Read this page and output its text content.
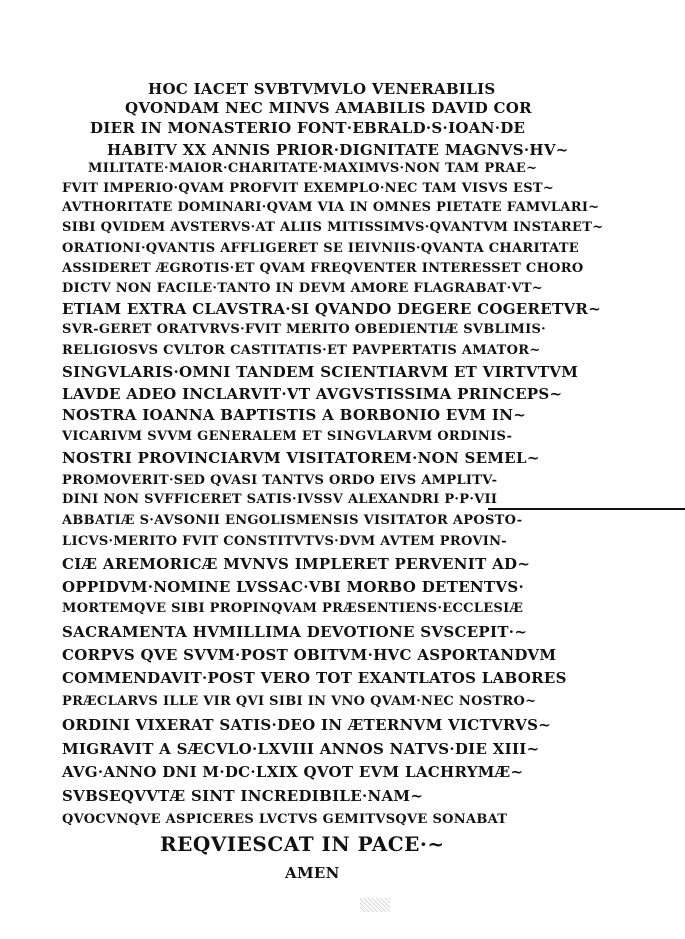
HOC IACET SVBTVMVLO VENERABILIS
QVONDAM NEC MINVS AMABILIS DAVID COR
DIER IN MONASTERIO FONT·EBRALD·S·IOAN·DE
HABITV XX ANNIS PRIOR·DIGNITATE MAGNVS·HV~
MILITATE·MAIOR·CHARITATE·MAXIMVS·NON TAM PRAE~
FVIT IMPERIO·QVAM PROFVIT EXEMPLO·NEC TAM VISVS EST~
AVTHORITATE DOMINARI·QVAM VIA IN OMNES PIETATE FAMVLARI~
SIBI QVIDEM AVSTERVS·AT ALIIS MITISSIMVS·QVANTVM INSTARET~
ORATIONI·QVANTIS AFFLIGERET SE IEIVNIIS·QVANTA CHARITATE
ASSIDERET ÆGROTIS·ET QVAM FREQVENTER INTERESSET CHORO
DICTV NON FACILE·TANTO IN DEVM AMORE FLAGRABAT·VT~
ETIAM EXTRA CLAVSTRA·SI QVANDO DEGERE COGERETVR~
SVR-GERET ORATVRVS·FVIT MERITO OBEDIENTIÆ SVBLIMIS·
RELIGIOSVS CVLTOR CASTITATIS·ET PAVPERTATIS AMATOR~
SINGVLARIS·OMNI TANDEM SCIENTIARVM ET VIRTVTVM
LAVDE ADEO INCLARVIT·VT AVGVSTISSIMA PRINCEPS~
NOSTRA IOANNA BAPTISTIS A BORBONIO EVM IN~
VICARIVM SVVM GENERALEM ET SINGVLARVM ORDINIS-
NOSTRI PROVINCIARVM VISITATOREM·NON SEMEL~
PROMOVERIT·SED QVASI TANTVS ORDO EIVS AMPLITV-
DINI NON SVFFICERET SATIS·IVSSV ALEXANDRI P·P·VII
ABBATIÆ S·AVSONII ENGOLISMENSIS VISITATOR APOSTO-
LICVS·MERITO FVIT CONSTITVTVS·DVM AVTEM PROVIN-
CIÆ AREMORICÆ MVNVS IMPLERET PERVENIT AD~
OPPIDVM·NOMINE LVSSAC·VBI MORBO DETENTVS·
MORTEMQVE SIBI PROPINQVAM PRÆSENTIENS·ECCLESIÆ
SACRAMENTA HVMILLIMA DEVOTIONE SVSCEPIT·~
CORPVS QVE SVVM·POST OBITVM·HVC ASPORTANDVM
COMMENDAVIT·POST VERO TOT EXANTLATOS LABORES
PRÆCLARVS ILLE VIR QVI SIBI IN VNO QVAM·NEC NOSTRO~
ORDINI VIXERAT SATIS·DEO IN ÆTERNVM VICTVRVS~
MIGRAVIT A SÆCVLO·LXVIII ANNOS NATVS·DIE XIII~
AVG·ANNO DNI M·DC·LXIX QVOT EVM LACHRYMÆ~
SVBSEQVVTÆ SINT INCREDIBILE·NAM~
QVOCVNQVE ASPICERES LVCTVS GEMITVSQVE SONABAT
REQVIESCAT IN PACE·~
AMEN
